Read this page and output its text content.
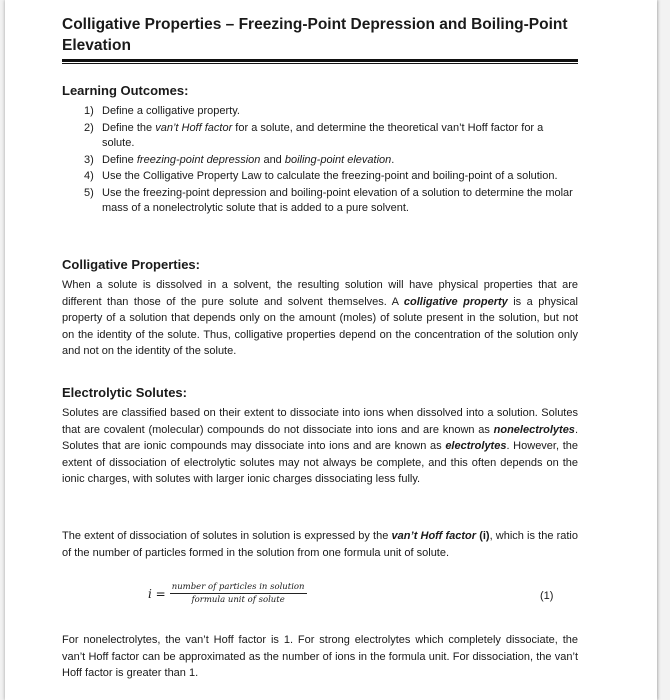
Colligative Properties – Freezing-Point Depression and Boiling-Point Elevation
Learning Outcomes:
1) Define a colligative property.
2) Define the van’t Hoff factor for a solute, and determine the theoretical van’t Hoff factor for a solute.
3) Define freezing-point depression and boiling-point elevation.
4) Use the Colligative Property Law to calculate the freezing-point and boiling-point of a solution.
5) Use the freezing-point depression and boiling-point elevation of a solution to determine the molar mass of a nonelectrolytic solute that is added to a pure solvent.
Colligative Properties:

When a solute is dissolved in a solvent, the resulting solution will have physical properties that are different than those of the pure solute and solvent themselves. A colligative property is a physical property of a solution that depends only on the amount (moles) of solute present in the solution, but not on the identity of the solute. Thus, colligative properties depend on the concentration of the solution only and not on the identity of the solute.

Electrolytic Solutes:

Solutes are classified based on their extent to dissociate into ions when dissolved into a solution. Solutes that are covalent (molecular) compounds do not dissociate into ions and are known as nonelectrolytes. Solutes that are ionic compounds may dissociate into ions and are known as electrolytes. However, the extent of dissociation of electrolytic solutes may not always be complete, and this often depends on the ionic charges, with solutes with larger ionic charges dissociating less fully.

The extent of dissociation of solutes in solution is expressed by the van’t Hoff factor (i), which is the ratio of the number of particles formed in the solution from one formula unit of solute.

$i = \frac{\text{number of particles in solution}}{\text{formula unit of solute}}$	(1)

For nonelectrolytes, the van’t Hoff factor is 1. For strong electrolytes which completely dissociate, the van’t Hoff factor can be approximated as the number of ions in the formula unit. For dissociation, the van’t Hoff factor is greater than 1.
